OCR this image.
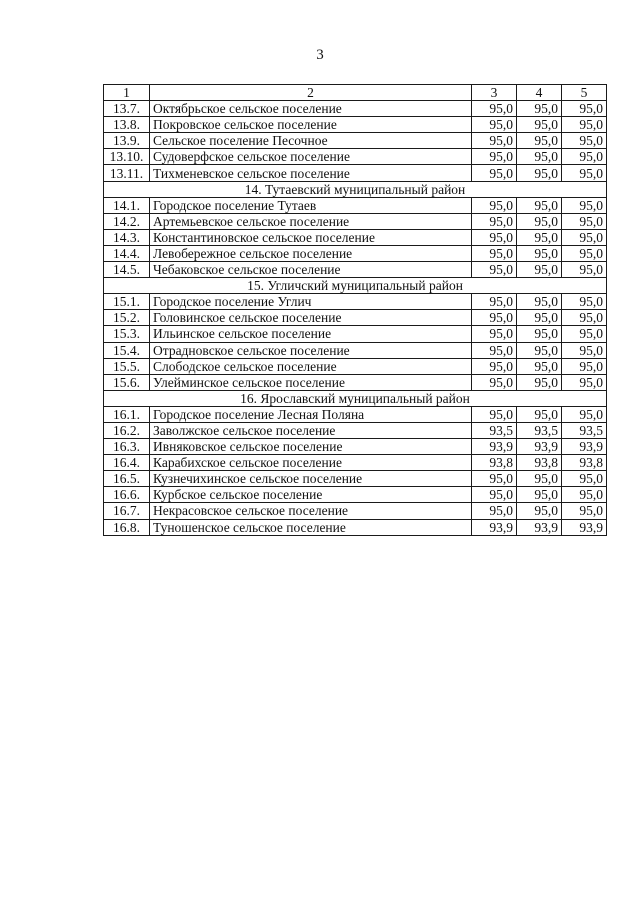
3
1	2	3	4	5
13.7.	Октябрьское сельское поселение	95,0	95,0	95,0
13.8.	Покровское сельское поселение	95,0	95,0	95,0
13.9.	Сельское поселение Песочное	95,0	95,0	95,0
13.10.	Судоверфское сельское поселение	95,0	95,0	95,0
13.11.	Тихменевское сельское поселение	95,0	95,0	95,0
14. Тутаевский муниципальный район				
14.1.	Городское поселение Тутаев	95,0	95,0	95,0
14.2.	Артемьевское сельское поселение	95,0	95,0	95,0
14.3.	Константиновское сельское поселение	95,0	95,0	95,0
14.4.	Левобережное сельское поселение	95,0	95,0	95,0
14.5.	Чебаковское сельское поселение	95,0	95,0	95,0
15. Угличский муниципальный район				
15.1.	Городское поселение Углич	95,0	95,0	95,0
15.2.	Головинское сельское поселение	95,0	95,0	95,0
15.3.	Ильинское сельское поселение	95,0	95,0	95,0
15.4.	Отрадновское сельское поселение	95,0	95,0	95,0
15.5.	Слободское сельское поселение	95,0	95,0	95,0
15.6.	Улейминское сельское поселение	95,0	95,0	95,0
16. Ярославский муниципальный район				
16.1.	Городское поселение Лесная Поляна	95,0	95,0	95,0
16.2.	Заволжское сельское поселение	93,5	93,5	93,5
16.3.	Ивняковское сельское поселение	93,9	93,9	93,9
16.4.	Карабихское сельское поселение	93,8	93,8	93,8
16.5.	Кузнечихинское сельское поселение	95,0	95,0	95,0
16.6.	Курбское сельское поселение	95,0	95,0	95,0
16.7.	Некрасовское сельское поселение	95,0	95,0	95,0
16.8.	Туношенское сельское поселение	93,9	93,9	93,9
